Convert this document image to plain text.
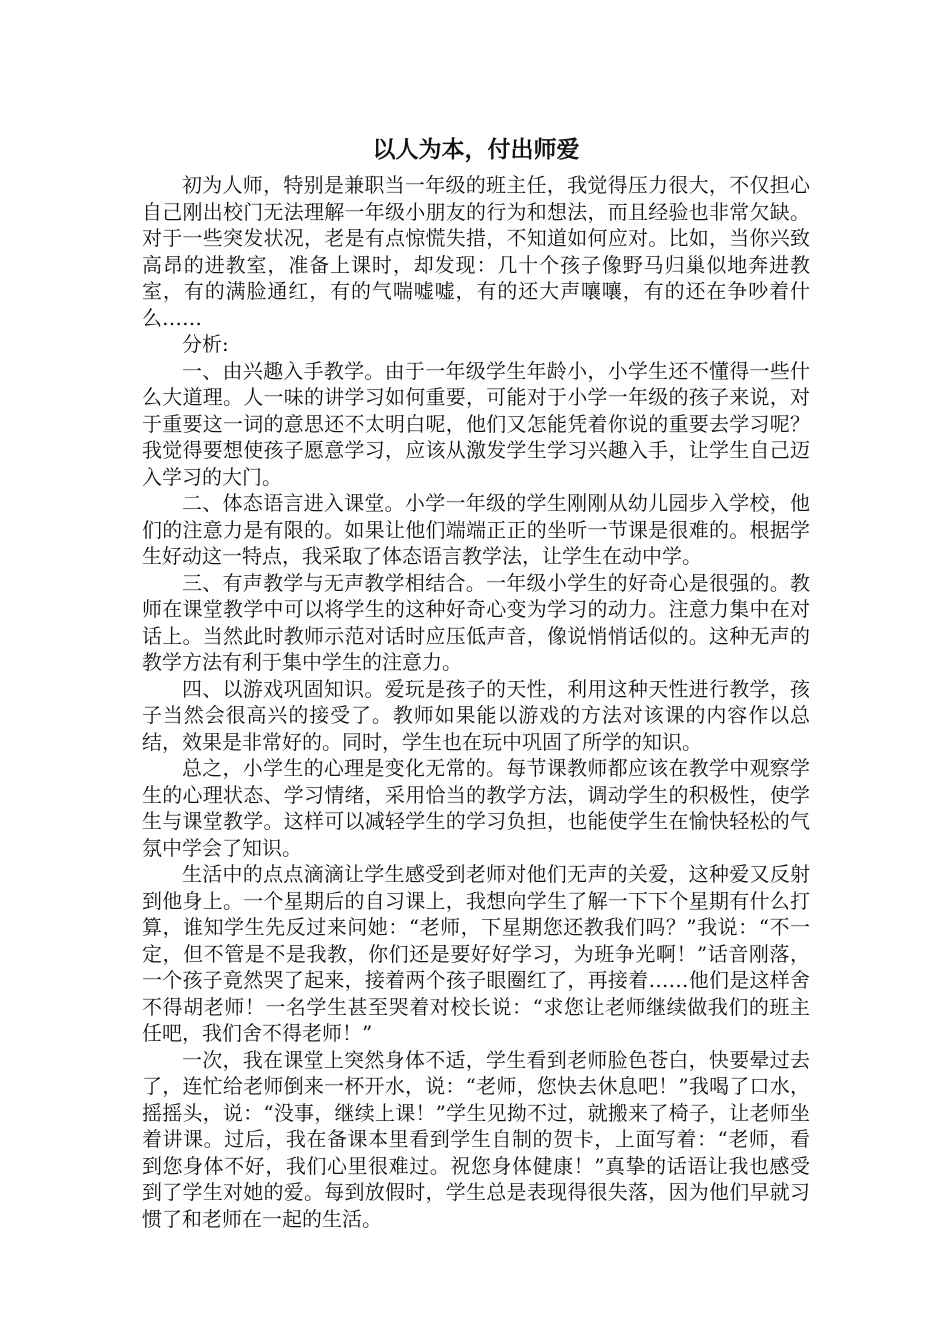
以人为本，付出师爱

初为人师，特别是兼职当一年级的班主任，我觉得压力很大，不仅担心自己刚出校门无法理解一年级小朋友的行为和想法，而且经验也非常欠缺。对于一些突发状况，老是有点惊慌失措，不知道如何应对。比如，当你兴致高昂的进教室，准备上课时，却发现：几十个孩子像野马归巢似地奔进教室，有的满脸通红，有的气喘嘘嘘，有的还大声嚷嚷，有的还在争吵着什么……

分析:

一、由兴趣入手教学。由于一年级学生年龄小，小学生还不懂得一些什么大道理。人一味的讲学习如何重要，可能对于小学一年级的孩子来说，对于重要这一词的意思还不太明白呢，他们又怎能凭着你说的重要去学习呢？我觉得要想使孩子愿意学习，应该从激发学生学习兴趣入手，让学生自己迈入学习的大门。

二、体态语言进入课堂。小学一年级的学生刚刚从幼儿园步入学校，他们的注意力是有限的。如果让他们端端正正的坐听一节课是很难的。根据学生好动这一特点，我采取了体态语言教学法，让学生在动中学。

三、有声教学与无声教学相结合。一年级小学生的好奇心是很强的。教师在课堂教学中可以将学生的这种好奇心变为学习的动力。注意力集中在对话上。当然此时教师示范对话时应压低声音，像说悄悄话似的。这种无声的教学方法有利于集中学生的注意力。

四、以游戏巩固知识。爱玩是孩子的天性，利用这种天性进行教学，孩子当然会很高兴的接受了。教师如果能以游戏的方法对该课的内容作以总结，效果是非常好的。同时，学生也在玩中巩固了所学的知识。

总之，小学生的心理是变化无常的。每节课教师都应该在教学中观察学生的心理状态、学习情绪，采用恰当的教学方法，调动学生的积极性，使学生与课堂教学。这样可以减轻学生的学习负担，也能使学生在愉快轻松的气氛中学会了知识。

生活中的点点滴滴让学生感受到老师对他们无声的关爱，这种爱又反射到他身上。一个星期后的自习课上，我想向学生了解一下下个星期有什么打算，谁知学生先反过来问她：“老师，下星期您还教我们吗？”我说：“不一定，但不管是不是我教，你们还是要好好学习，为班争光啊！”话音刚落，一个孩子竟然哭了起来，接着两个孩子眼圈红了，再接着……他们是这样舍不得胡老师！一名学生甚至哭着对校长说：“求您让老师继续做我们的班主任吧，我们舍不得老师！”

一次，我在课堂上突然身体不适，学生看到老师脸色苍白，快要晕过去了，连忙给老师倒来一杯开水，说：“老师，您快去休息吧！”我喝了口水，摇摇头，说：“没事，继续上课！”学生见拗不过，就搬来了椅子，让老师坐着讲课。过后，我在备课本里看到学生自制的贺卡，上面写着：“老师，看到您身体不好，我们心里很难过。祝您身体健康！”真挚的话语让我也感受到了学生对她的爱。每到放假时，学生总是表现得很失落，因为他们早就习惯了和老师在一起的生活。
